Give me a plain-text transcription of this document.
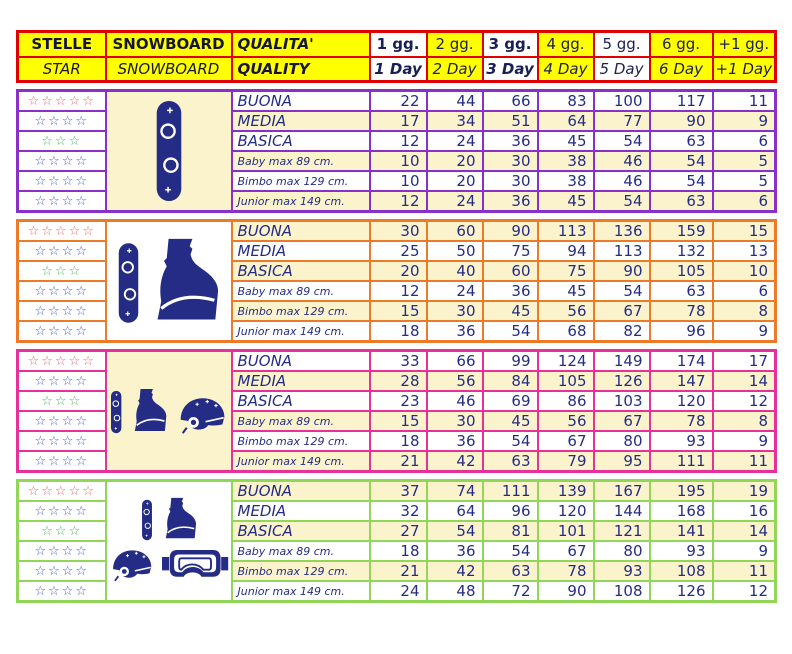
STELLE	SNOWBOARD	QUALITA'	1 gg.	2 gg.	3 gg.	4 gg.	5 gg.	6 gg.	+1 gg.
STAR	SNOWBOARD	QUALITY	1 Day	2 Day	3 Day	4 Day	5 Day	6 Day	+1 Day
☆☆☆☆☆		BUONA	22	44	66	83	100	117	11
☆☆☆☆		MEDIA	17	34	51	64	77	90	9
☆☆☆		BASICA	12	24	36	45	54	63	6
☆☆☆☆		Baby max 89 cm.	10	20	30	38	46	54	5
☆☆☆☆		Bimbo max 129 cm.	10	20	30	38	46	54	5
☆☆☆☆		Junior max 149 cm.	12	24	36	45	54	63	6
☆☆☆☆☆		BUONA	30	60	90	113	136	159	15
☆☆☆☆		MEDIA	25	50	75	94	113	132	13
☆☆☆		BASICA	20	40	60	75	90	105	10
☆☆☆☆		Baby max 89 cm.	12	24	36	45	54	63	6
☆☆☆☆		Bimbo max 129 cm.	15	30	45	56	67	78	8
☆☆☆☆		Junior max 149 cm.	18	36	54	68	82	96	9
☆☆☆☆☆		BUONA	33	66	99	124	149	174	17
☆☆☆☆		MEDIA	28	56	84	105	126	147	14
☆☆☆		BASICA	23	46	69	86	103	120	12
☆☆☆☆		Baby max 89 cm.	15	30	45	56	67	78	8
☆☆☆☆		Bimbo max 129 cm.	18	36	54	67	80	93	9
☆☆☆☆		Junior max 149 cm.	21	42	63	79	95	111	11
☆☆☆☆☆		BUONA	37	74	111	139	167	195	19
☆☆☆☆		MEDIA	32	64	96	120	144	168	16
☆☆☆		BASICA	27	54	81	101	121	141	14
☆☆☆☆		Baby max 89 cm.	18	36	54	67	80	93	9
☆☆☆☆		Bimbo max 129 cm.	21	42	63	78	93	108	11
☆☆☆☆		Junior max 149 cm.	24	48	72	90	108	126	12
